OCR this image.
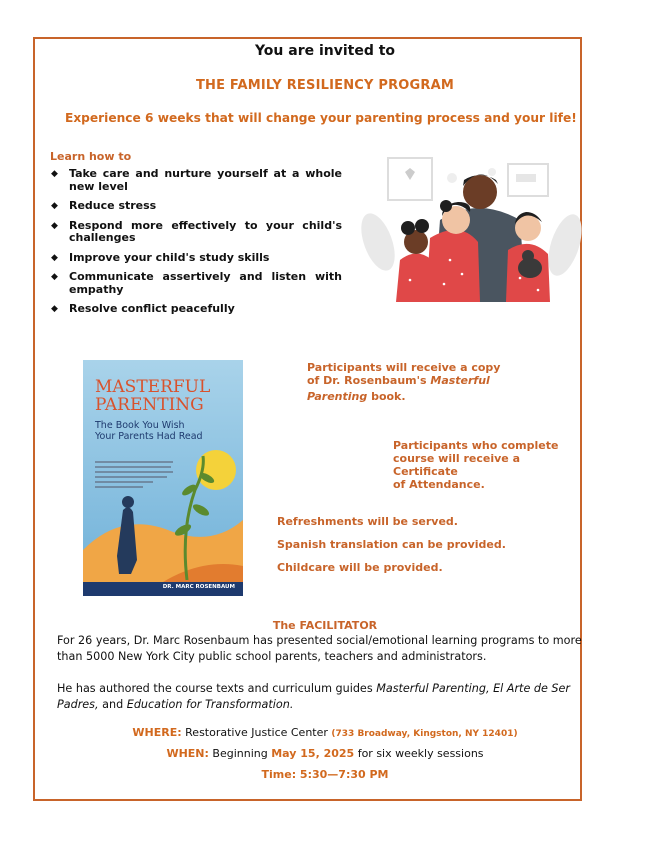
You are invited to
THE FAMILY RESILIENCY PROGRAM
Experience 6 weeks that will change your parenting process and your life!
Learn how to
◆ Take care and nurture yourself at a whole new level
◆ Reduce stress
◆ Respond more effectively to your child's challenges
◆ Improve your child's study skills
◆ Communicate assertively and listen with empathy
◆ Resolve conflict peacefully
MASTERFUL
PARENTING
The Book You Wish
Your Parents Had Read
DR. MARC ROSENBAUM
Participants will receive a copy
of Dr. Rosenbaum's Masterful
Parenting book.
Participants who complete
course will receive a Certificate
of Attendance.
Refreshments will be served.
Spanish translation can be provided.
Childcare will be provided.
The FACILITATOR
For 26 years, Dr. Marc Rosenbaum has presented social/emotional learning programs to more than 5000 New York City public school parents, teachers and administrators.
He has authored the course texts and curriculum guides Masterful Parenting, El Arte de Ser Padres, and Education for Transformation.
WHERE: Restorative Justice Center (733 Broadway, Kingston, NY 12401)
WHEN: Beginning May 15, 2025 for six weekly sessions
Time: 5:30—7:30 PM
